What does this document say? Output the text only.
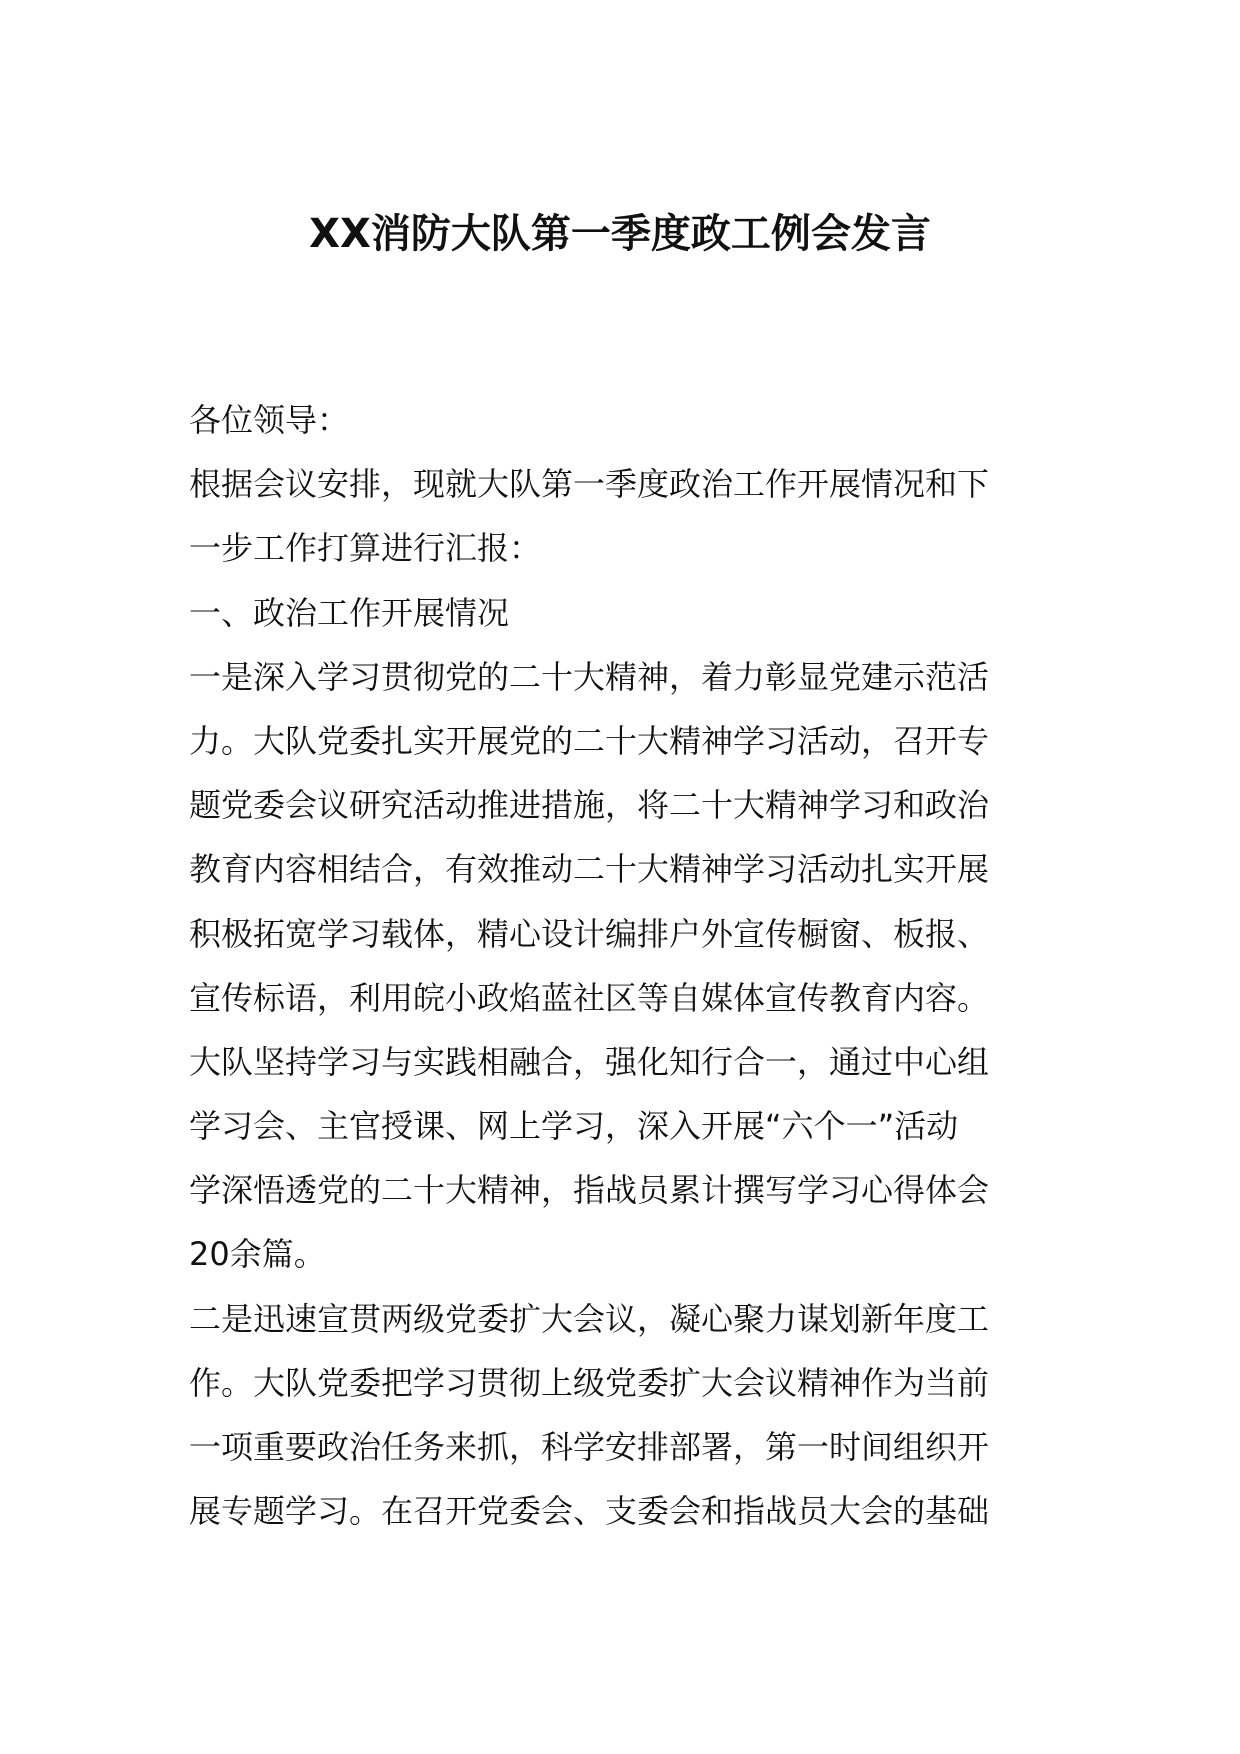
XX消防大队第一季度政工例会发言
各位领导：
根据会议安排，现就大队第一季度政治工作开展情况和下
一步工作打算进行汇报：
一、政治工作开展情况
一是深入学习贯彻党的二十大精神，着力彰显党建示范活
力。大队党委扎实开展党的二十大精神学习活动，召开专
题党委会议研究活动推进措施，将二十大精神学习和政治
教育内容相结合，有效推动二十大精神学习活动扎实开展
积极拓宽学习载体，精心设计编排户外宣传橱窗、板报、
宣传标语，利用皖小政焰蓝社区等自媒体宣传教育内容。
大队坚持学习与实践相融合，强化知行合一，通过中心组
学习会、主官授课、网上学习，深入开展“六个一”活动
学深悟透党的二十大精神，指战员累计撰写学习心得体会
20余篇。
二是迅速宣贯两级党委扩大会议，凝心聚力谋划新年度工
作。大队党委把学习贯彻上级党委扩大会议精神作为当前
一项重要政治任务来抓，科学安排部署，第一时间组织开
展专题学习。在召开党委会、支委会和指战员大会的基础
